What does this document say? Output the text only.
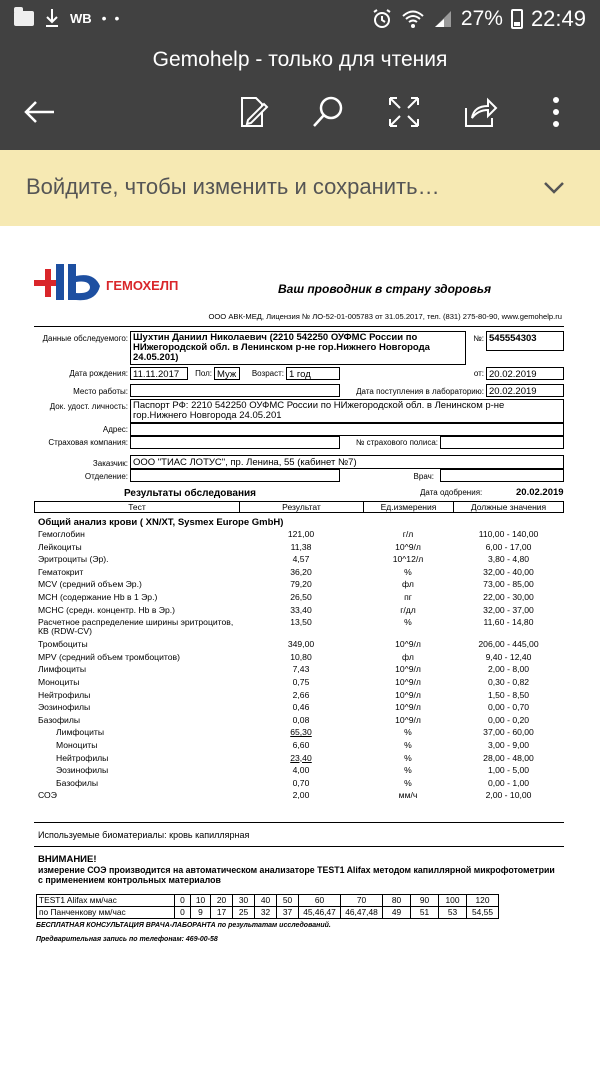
WB • •	27% 22:49
Gemohelp - только для чтения
Войдите, чтобы изменить и сохранить…
ГЕМОХЕЛП	Ваш проводник в страну здоровья
ООО АВК-МЕД, Лицензия № ЛО-52-01-005783 от 31.05.2017, тел. (831) 275-80-90, www.gemohelp.ru
Данные обследуемого: Шухтин Даниил Николаевич (2210 542250 ОУФМС России по НИжегородской обл. в Ленинском р-не гор.Нижнего Новгорода 24.05.201)
№: 545554303
Дата рождения: 11.11.2017	Пол: Муж	Возраст: 1 год	от: 20.02.2019
Место работы:	Дата поступления в лабораторию: 20.02.2019
Док. удост. личность: Паспорт РФ: 2210 542250 ОУФМС России по НИжегородской обл. в Ленинском р-не гор.Нижнего Новгорода 24.05.201
Адрес:
Страховая компания:	№ страхового полиса:
Заказчик: ООО "ТИАС ЛОТУС", пр. Ленина, 55 (кабинет №7)
Отделение:	Врач:
Результаты обследования	Дата одобрения:	20.02.2019
Тест	Результат	Ед.измерения	Должные значения
Общий анализ крови ( XN/XT, Sysmex Europe GmbH)
Гемоглобин	121,00	г/л	110,00 - 140,00
Лейкоциты	11,38	10^9/л	6,00 - 17,00
Эритроциты (Эр).	4,57	10^12/л	3,80 - 4,80
Гематокрит	36,20	%	32,00 - 40,00
MCV (средний объем Эр.)	79,20	фл	73,00 - 85,00
MCH (содержание Hb в 1 Эр.)	26,50	пг	22,00 - 30,00
MCHC (средн. концентр. Hb в Эр.)	33,40	г/дл	32,00 - 37,00
Расчетное распределение ширины эритроцитов, КВ (RDW-CV)
13,50	%	11,60 - 14,80
Тромбоциты	349,00	10^9/л	206,00 - 445,00
MPV (средний объем тромбоцитов)	10,80	фл	9,40 - 12,40
Лимфоциты	7,43	10^9/л	2,00 - 8,00
Моноциты	0,75	10^9/л	0,30 - 0,82
Нейтрофилы	2,66	10^9/л	1,50 - 8,50
Эозинофилы	0,46	10^9/л	0,00 - 0,70
Базофилы	0,08	10^9/л	0,00 - 0,20
Лимфоциты	65,30	%	37,00 - 60,00
Моноциты	6,60	%	3,00 - 9,00
Нейтрофилы	23,40	%	28,00 - 48,00
Эозинофилы	4,00	%	1,00 - 5,00
Базофилы	0,70	%	0,00 - 1,00
СОЭ	2,00	мм/ч	2,00 - 10,00
Используемые биоматериалы: кровь капиллярная
ВНИМАНИЕ!
измерение СОЭ производится на автоматическом анализаторе TEST1 Alifax методом капиллярной микрофотометрии с применением контрольных материалов
TEST1 Alifax мм/час	0	10	20	30	40	50	60	70	80	90	100	120
по Панченкову мм/час	0	9	17	25	32	37	45,46,47	46,47,48	49	51	53	54,55
БЕСПЛАТНАЯ КОНСУЛЬТАЦИЯ ВРАЧА-ЛАБОРАНТА по результатам исследований.
Предварительная запись по телефонам: 469-00-58
